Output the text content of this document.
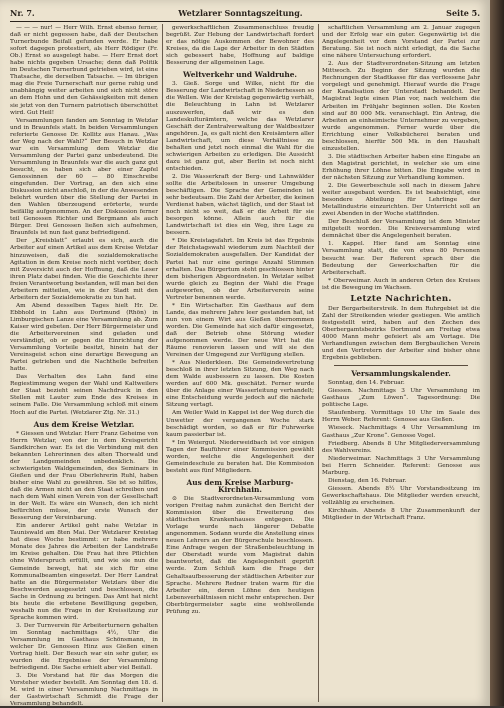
Nr. 7.	Wetzlarer Sonntagszeitung.	Seite 5.

— — — nur! — Herr Wilh. Ernst ebenso ferner, daß er nicht gegessen habe, daß der Deutschen Turnerbunde Beifall gefunden werde. Er habe sofort dagegen protestiert, als Herr Rödiger (Fr. Ob.) Ernst so ausgelegt habe. — Herr Ernst dort habe nichts gegeben Ursache; denn daß Politik im Deutschen Turnerbund getrieben wird, ist eine Thatsache, die derselben Tatsache. — Im übrigen mag die Freie Turnerschaft nur gerne ruhig und unabhängig weiter arbeiten und sich nicht störe an dem Hohn und den Gehässigkeiten mit denen sie jetzt von den Turnern patriotisch überschüttet wird. Gut Heil!

Versammlungen fanden am Sonntag in Wetzlar und in Braunfels statt. In beiden Versammlungen referierte Genosse Dr. Kollitz aus Hanau. „Was der Weg nach der Wahl?“ Der Besuch in Wetzlar war ein Versammlung dem Wetzlar die Versammlung der Partei ganz unbedeutend. Die Versammlung in Braunfels war die auch ganz gut besucht, es haben sich aber einer Zapfel Genossinnen der 60 — 80 Einschreibe eingefunden. Der Vortrag, an den sich eine Diskussion nicht anschloß, in der die Anwesenden belehrt wurden über die Stellung der Partei in den Wahlen überzeugend erörterte, wurde beifällig aufgenommen. An der Diskussion ferner teil Genossen Richter und Bergmann als auch Bürger. Drei Genossen ließen sich aufnehmen, Braunfels ist nun fast ganz befriedigend.

Der „Kreisblatt“ erlaubt es sich, auch die Arbeiter auf einen Artikel aus dem Kreise Wetzlar hinzuweisen, daß die sozialdemokratische Agitation in dem Kreise noch nicht vorüber, doch mit Zuversicht auch der Hoffnung, daß die Leser ihren Platz dabei finden. Wie die Geschichte ihrer freien Verantwortung bestanden, will man bei den Arbeitern mitteilen, wie in der Stadt mit den Arbeitern der Sozialdemokratie zu tun hat.

Am Abend desselben Tages hielt Hr. Dr. Ebbhold in Lahn aus Dortmund (Rhön) in Limburgischen Lanze eine Versammlung ab. Zum Kaiser wird gebeten. Der Herr Bürgermeister und die Arbeitervereinen sind geladen und verständigt, ob er gegen die Einrichtung der Versammlung Vorteile besitzt, hinein hat der Vereinsgeist schon eine derartige Bewegung an Partei getrieben und die Nachtheile befreiten hatte.

Das Verhalten des Lahn fand eine Regiestimmung wegen der Wahl und Kaltweilers der Staat bezieht seinen Nachdruck in den Stellen mit Lauter zum Ende des Kreises in seinem Falle. Die Versammlung schloß mit einem Hoch auf die Partei. (Wetzlarer Ztg. Nr. 31.)

Aus dem Kreise Wetzlar.

* Giessen und Wetzlar. Herr Franz Geheime von Herrn Wetzlar, von der in dem Kreisgericht Sandkirchen war. Es ist die Verbindung mit den bekannten Lehrerinnen des alten Thorwald und der Landgemeinden unbedenklich. Die schwierigsten Waldgemeinden, des Seminars in Gießen und der Frau Oberlehrerin Ruhl, haben bisher eine Wahl zu gewähren. Sie ist so hilflos, daß die Armen nicht an den Staat schreiben und nach dem Wahl einen Verein von der Gesellschaft in der Welt. Es wäre ein Wunsch, den ich nicht befürchten müsse, der erste Wunsch der Besserung der Vereinbarung.

Ein anderer Artikel geht nahe Wetzlar in Tauniswald am 8ten Mai. Der Wetzlarer Kreistag hat diese Woche bestimmt: er habe mehrere Monate des Jahres die Arbeiten der Landstraße im Kreise gehalten. Die Frau hat ihre Pflichten ohne Widerspruch erfüllt, und wie sie nun die Gemeinde bewegt, hat sie sich für eine Kommunalbeamten eingesetzt. Der Herr Landrat hatte an die Bürgermeister Wetzlars über die Beschwerden ausgesetzt und beschlossen, die Sache in Ordnung zu bringen. Das Amt hat nicht bis heute die erbetene Bewilligung gegeben, weshalb nun die Frage in der Kreissitzung zur Sprache kommen wird.

3. Der Turnverein für Arbeiterturnern gehalten im Sonntag nachmittags 4½, Uhr die Versammlung im Gasthaus Schönsmann, in welcher Dr. Genossen Hinz aus Gießen einen Vortrag hielt. Der Besuch war ein sehr guter, es wurden die Ergebnisse der Versammlung befriedigend. Die Sache erhielt aber viel Beifall.

3. Die Vorstand hat für das Morgen die Vorsteher wieder bestellt. Am Sonntag den 18. d. M. wird in einer Versammlung Nachmittags in der Gastwirtschaft Schmidt die Frage der Versammlung behandelt.

gewerkschaftlichen Zusammenschluss freudig begrüßt. Zur Hebung der Landwirtschaft fordert er das nötige Auskommen der Bewohner des Kreises, da die Lage der Arbeiter in den Städten sich gebessert habe, Hoffnung auf baldige Besserung der allgemeinen Lage.

Weltverkehr und Waldruhe.

3. Gieß. Sorge und Wilke, nicht für die Besserung der Landwirtschaft in Niederhessen so die Wellen. Wie der Kreistag gegenwärtig verhält, die Beleuchtung in Lahn ist Wetzlarer auszuwerfen, daß wir es den Landeskulturämtern, welche das Wetzlarer Geschäft der Zentralverwaltung der Waldbesitzer angehören. Ja, es galt nicht den Kreisämtern aller Landwirtschaft, um diese Verhältnisse zu behalten und jetzt noch einmal die Wahl für die schwierigen Arbeiten zu erledigen. Die Aussicht dazu ist ganz gut, aber Berlin ist noch nicht entschieden.

2. Die Wasserkraft der Berg- und Lahnwälder sollte die Arbeitslosen in unserer Umgebung beschäftigen. Die Sprache der Gemeinden ist sehr bedeutsam. Die Zahl der Arbeiter, die keinen Verdienst haben, wächst täglich, und der Staat ist noch nicht so weit, daß er die Arbeit für sie besorgen könne. Allein auch für die Landwirtschaft ist dies ein Weg, ihre Lage zu bessern.

* Die Kreistagsfahrt. Im Kreis ist das Ergebnis der Reichstagswahl wiederum zum Nachteil der Sozialdemokraten ausgefallen. Der Kandidat der Partei hat nur eine geringe Anzahl Stimmen erhalten. Das Bürgertum steht geschlossen hinter dem bisherigen Abgeordneten. In Wetzlar selbst wurde gleich zu Beginn der Wahl die Frage aufgeworfen, ob der Arbeiterverein seine Vertreter benennen werde.

* Ein Wirtschafter. Ein Gasthaus auf dem Lande, das mehrere Jahre leer gestanden hat, ist nun von einem Wirt aus Gießen übernommen worden. Die Gemeinde hat sich dafür eingesetzt, daß der Betrieb ohne Störung wieder aufgenommen werde. Der neue Wirt hat die Räume renovieren lassen und will sie den Vereinen der Umgegend zur Verfügung stellen.

* Aus Niederkleen. Die Gemeindevertretung beschloß in ihrer letzten Sitzung, den Weg nach dem Walde ausbessern zu lassen. Die Kosten werden auf 600 Mk. geschätzt. Ferner wurde über die Anlage einer Wasserleitung verhandelt; eine Entscheidung wurde jedoch auf die nächste Sitzung vertagt.

Am Weiler Wald in Kappel ist der Weg durch die Unwetter der vergangenen Woche stark beschädigt worden, so daß er für Fuhrwerke kaum passierbar ist.

* Im Weiergut. Niederweidbach ist vor einigen Tagen der Bauführer einer Kommission gewählt worden, welche die Angelegenheit der Gemeindeschule zu beraten hat. Die Kommission besteht aus fünf Mitgliedern.

Aus dem Kreise Marburg-Kirchhain.

⊙ Die Stadtverordneten-Versammlung vom vorigen Freitag nahm zunächst den Bericht der Kommission über die Erweiterung des städtischen Krankenhauses entgegen. Die Vorlage wurde nach längerer Debatte angenommen. Sodann wurde die Anstellung eines neuen Lehrers an der Bürgerschule beschlossen. Eine Anfrage wegen der Straßenbeleuchtung in der Oberstadt wurde vom Magistrat dahin beantwortet, daß die Angelegenheit geprüft werde. Zum Schluß kam die Frage der Gehaltsaufbesserung der städtischen Arbeiter zur Sprache. Mehrere Redner traten warm für die Arbeiter ein, deren Löhne den heutigen Lebensverhältnissen nicht mehr entsprechen. Der Oberbürgermeister sagte eine wohlwollende Prüfung zu.

schaftlichen Versammlung am 2. Januar zugegen und der Erfolg war ein guter. Gegenwärtig ist die Angelegenheit vor dem Vorstand der Partei zur Beratung. Sie ist noch nicht erledigt, da die Sache eine nähere Untersuchung erfordert.

2. Aus der Stadtverordneten-Sitzung am letzten Mittwoch. Zu Beginn der Sitzung wurden die Rechnungen der Stadtkasse für das verflossene Jahr vorgelegt und genehmigt. Hierauf wurde die Frage der Kanalisation der Unterstadt behandelt. Der Magistrat legte einen Plan vor, nach welchem die Arbeiten im Frühjahr beginnen sollen. Die Kosten sind auf 80 000 Mk. veranschlagt. Ein Antrag, die Arbeiten an einheimische Unternehmer zu vergeben, wurde angenommen. Ferner wurde über die Errichtung einer Volksbücherei beraten und beschlossen, hierfür 500 Mk. in den Haushalt einzustellen.

3. Die städtischen Arbeiter haben eine Eingabe an den Magistrat gerichtet, in welcher sie um eine Erhöhung ihrer Löhne bitten. Die Eingabe wird in der nächsten Sitzung zur Verhandlung kommen.

2. Die Gewerbeschule soll nach in diesem Jahre weiter ausgebaut werden. Es ist beabsichtigt, eine besondere Abteilung für Lehrlinge der Metallindustrie einzurichten. Der Unterricht soll an zwei Abenden in der Woche stattfinden.

Der Beschluß der Versammlung ist dem Minister mitgeteilt worden. Die Kreisversammlung wird demnächst über die Angelegenheit beraten.

1. Kappel. Hier fand am Sonntag eine Versammlung statt, die von etwa 80 Personen besucht war. Der Referent sprach über die Bedeutung der Gewerkschaften für die Arbeiterschaft.

* Oberweimar. Auch in anderen Orten des Kreises ist die Bewegung im Wachsen.

Letzte Nachrichten.

Der Bergarbeiterstreik. In dem Ruhrgebiet ist die Zahl der Streikenden wieder gestiegen. Wie amtlich festgestellt wird, haben auf den Zechen des Oberbergamtsbezirks Dortmund am Freitag etwa 4000 Mann mehr gefeiert als am Vortage. Die Verhandlungen zwischen dem Bergbaulichen Verein und den Vertretern der Arbeiter sind bisher ohne Ergebnis geblieben.

Versammlungskalender.

Sonntag, den 14. Februar.

Giessen. Nachmittags 3 Uhr Versammlung im Gasthaus „Zum Löwen“. Tagesordnung: Die politische Lage.

Staufenberg. Vormittags 10 Uhr im Saale des Herrn Weber. Referent: Genosse aus Gießen.

Wieseck. Nachmittags 4 Uhr Versammlung im Gasthaus „Zur Krone“. Genosse Vogel.

Friedberg. Abends 8 Uhr Mitgliederversammlung des Wahlvereins.

Niederweimar. Nachmittags 3 Uhr Versammlung bei Herrn Schneider. Referent: Genosse aus Marburg.

Dienstag, den 16. Februar.

Giessen. Abends 8½ Uhr Vorstandssitzung im Gewerkschaftshaus. Die Mitglieder werden ersucht, vollzählig zu erscheinen.

Kirchhain. Abends 8 Uhr Zusammenkunft der Mitglieder in der Wirtschaft Franz.
